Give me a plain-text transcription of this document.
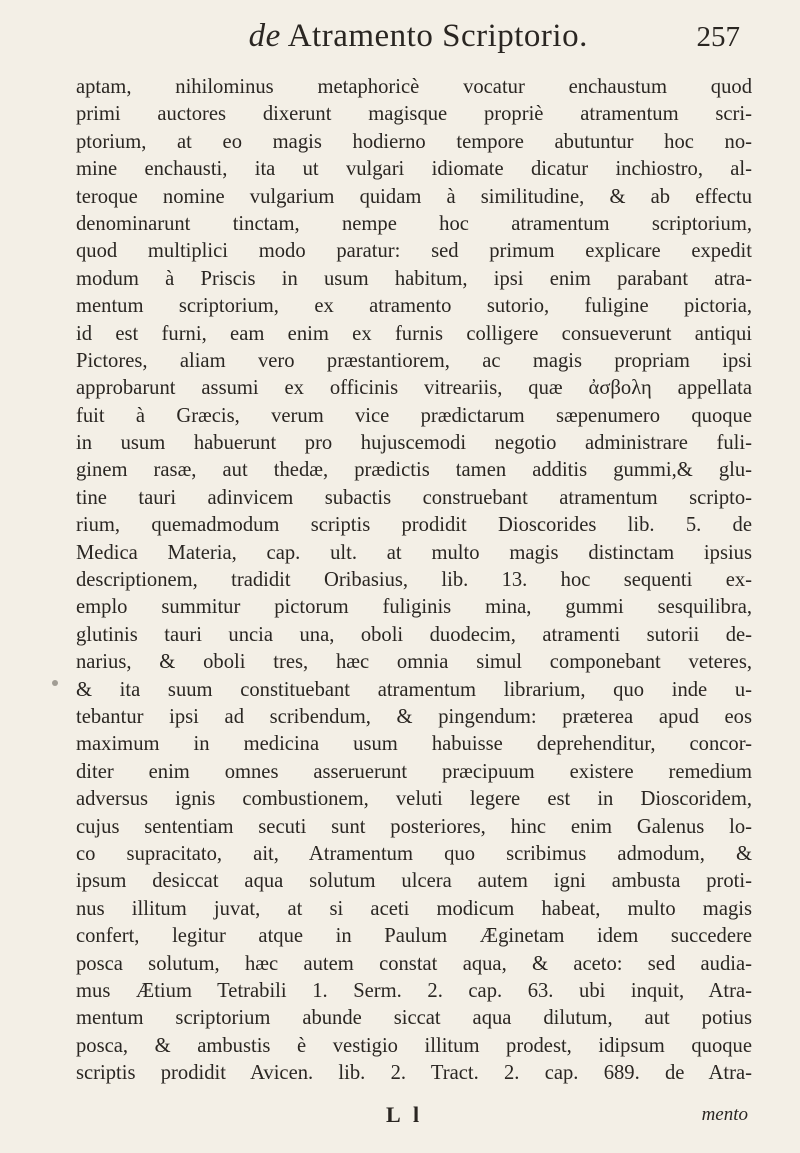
de Atramento Scriptorio.	257
aptam, nihilominus metaphoricè vocatur enchaustum quod
primi auctores dixerunt magisque propriè atramentum scri-
ptorium, at eo magis hodierno tempore abutuntur hoc no-
mine enchausti, ita ut vulgari idiomate dicatur inchiostro, al-
teroque nomine vulgarium quidam à similitudine, & ab effectu
denominarunt tinctam, nempe hoc atramentum scriptorium,
quod multiplici modo paratur: sed primum explicare expedit
modum à Priscis in usum habitum, ipsi enim parabant atra-
mentum scriptorium, ex atramento sutorio, fuligine pictoria,
id est furni, eam enim ex furnis colligere consueverunt antiqui
Pictores, aliam vero præstantiorem, ac magis propriam ipsi
approbarunt assumi ex officinis vitreariis, quæ ἀσβολη appellata
fuit à Græcis, verum vice prædictarum sæpenumero quoque
in usum habuerunt pro hujuscemodi negotio administrare fuli-
ginem rasæ, aut thedæ, prædictis tamen additis gummi,& glu-
tine tauri adinvicem subactis construebant atramentum scripto-
rium, quemadmodum scriptis prodidit Dioscorides lib. 5. de
Medica Materia, cap. ult. at multo magis distinctam ipsius
descriptionem, tradidit Oribasius, lib. 13. hoc sequenti ex-
emplo summitur pictorum fuliginis mina, gummi sesquilibra,
glutinis tauri uncia una, oboli duodecim, atramenti sutorii de-
narius, & oboli tres, hæc omnia simul componebant veteres,
& ita suum constituebant atramentum librarium, quo inde u-
tebantur ipsi ad scribendum, & pingendum: præterea apud eos
maximum in medicina usum habuisse deprehenditur, concor-
diter enim omnes asseruerunt præcipuum existere remedium
adversus ignis combustionem, veluti legere est in Dioscoridem,
cujus sententiam secuti sunt posteriores, hinc enim Galenus lo-
co supracitato, ait, Atramentum quo scribimus admodum, &
ipsum desiccat aqua solutum ulcera autem igni ambusta proti-
nus illitum juvat, at si aceti modicum habeat, multo magis
confert, legitur atque in Paulum Æginetam idem succedere
posca solutum, hæc autem constat aqua, & aceto: sed audia-
mus Ætium Tetrabili 1. Serm. 2. cap. 63. ubi inquit, Atra-
mentum scriptorium abunde siccat aqua dilutum, aut potius
posca, & ambustis è vestigio illitum prodest, idipsum quoque
scriptis prodidit Avicen. lib. 2. Tract. 2. cap. 689. de Atra-
L l	mento
